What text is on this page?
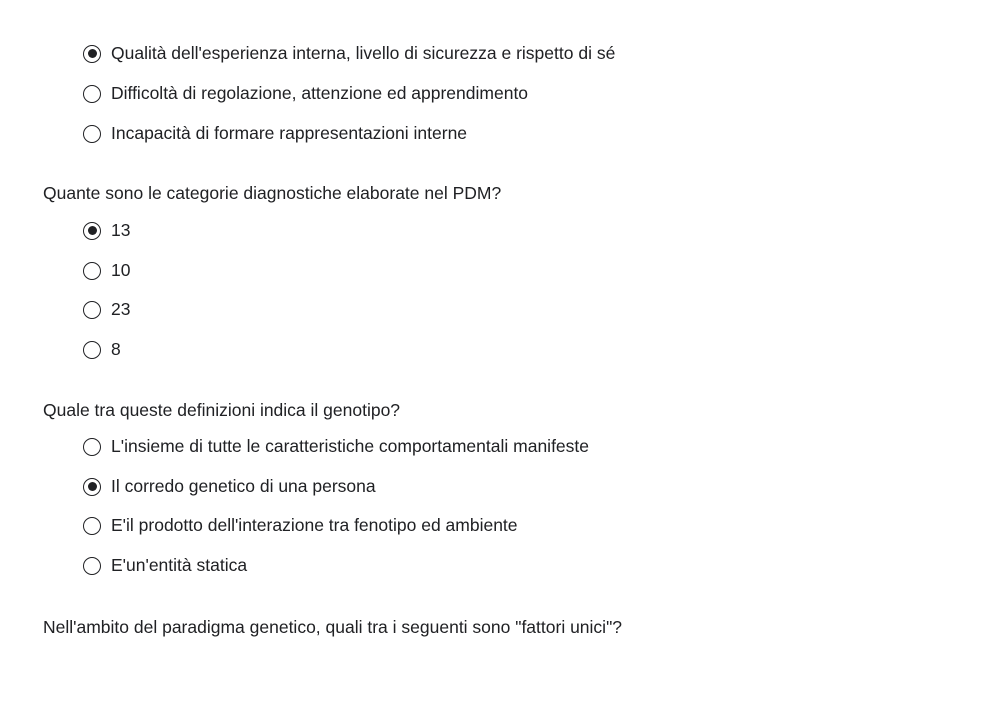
Qualità dell'esperienza interna, livello di sicurezza e rispetto di sé
Difficoltà di regolazione, attenzione ed apprendimento
Incapacità di formare rappresentazioni interne
Quante sono le categorie diagnostiche elaborate nel PDM?
13
10
23
8
Quale tra queste definizioni indica il genotipo?
L'insieme di tutte le caratteristiche comportamentali manifeste
Il corredo genetico di una persona
E'il prodotto dell'interazione tra fenotipo ed ambiente
E'un'entità statica
Nell'ambito del paradigma genetico, quali tra i seguenti sono "fattori unici"?
